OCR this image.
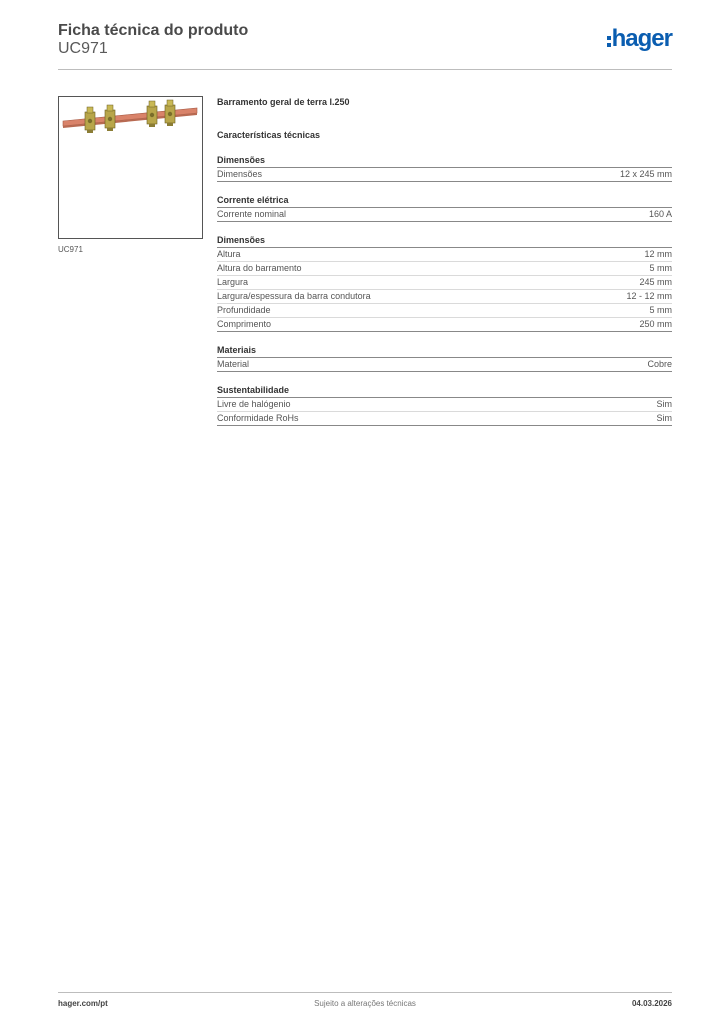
Ficha técnica do produto
UC971	hager
UC971
Barramento geral de terra l.250
Características técnicas
Dimensões
Dimensões	12 x 245 mm
Corrente elétrica
Corrente nominal	160 A
Dimensões
Altura	12 mm
Altura do barramento	5 mm
Largura	245 mm
Largura/espessura da barra condutora	12 - 12 mm
Profundidade	5 mm
Comprimento	250 mm
Materiais
Material	Cobre
Sustentabilidade
Livre de halógenio	Sim
Conformidade RoHs	Sim
hager.com/pt	Sujeito a alterações técnicas	04.03.2026
